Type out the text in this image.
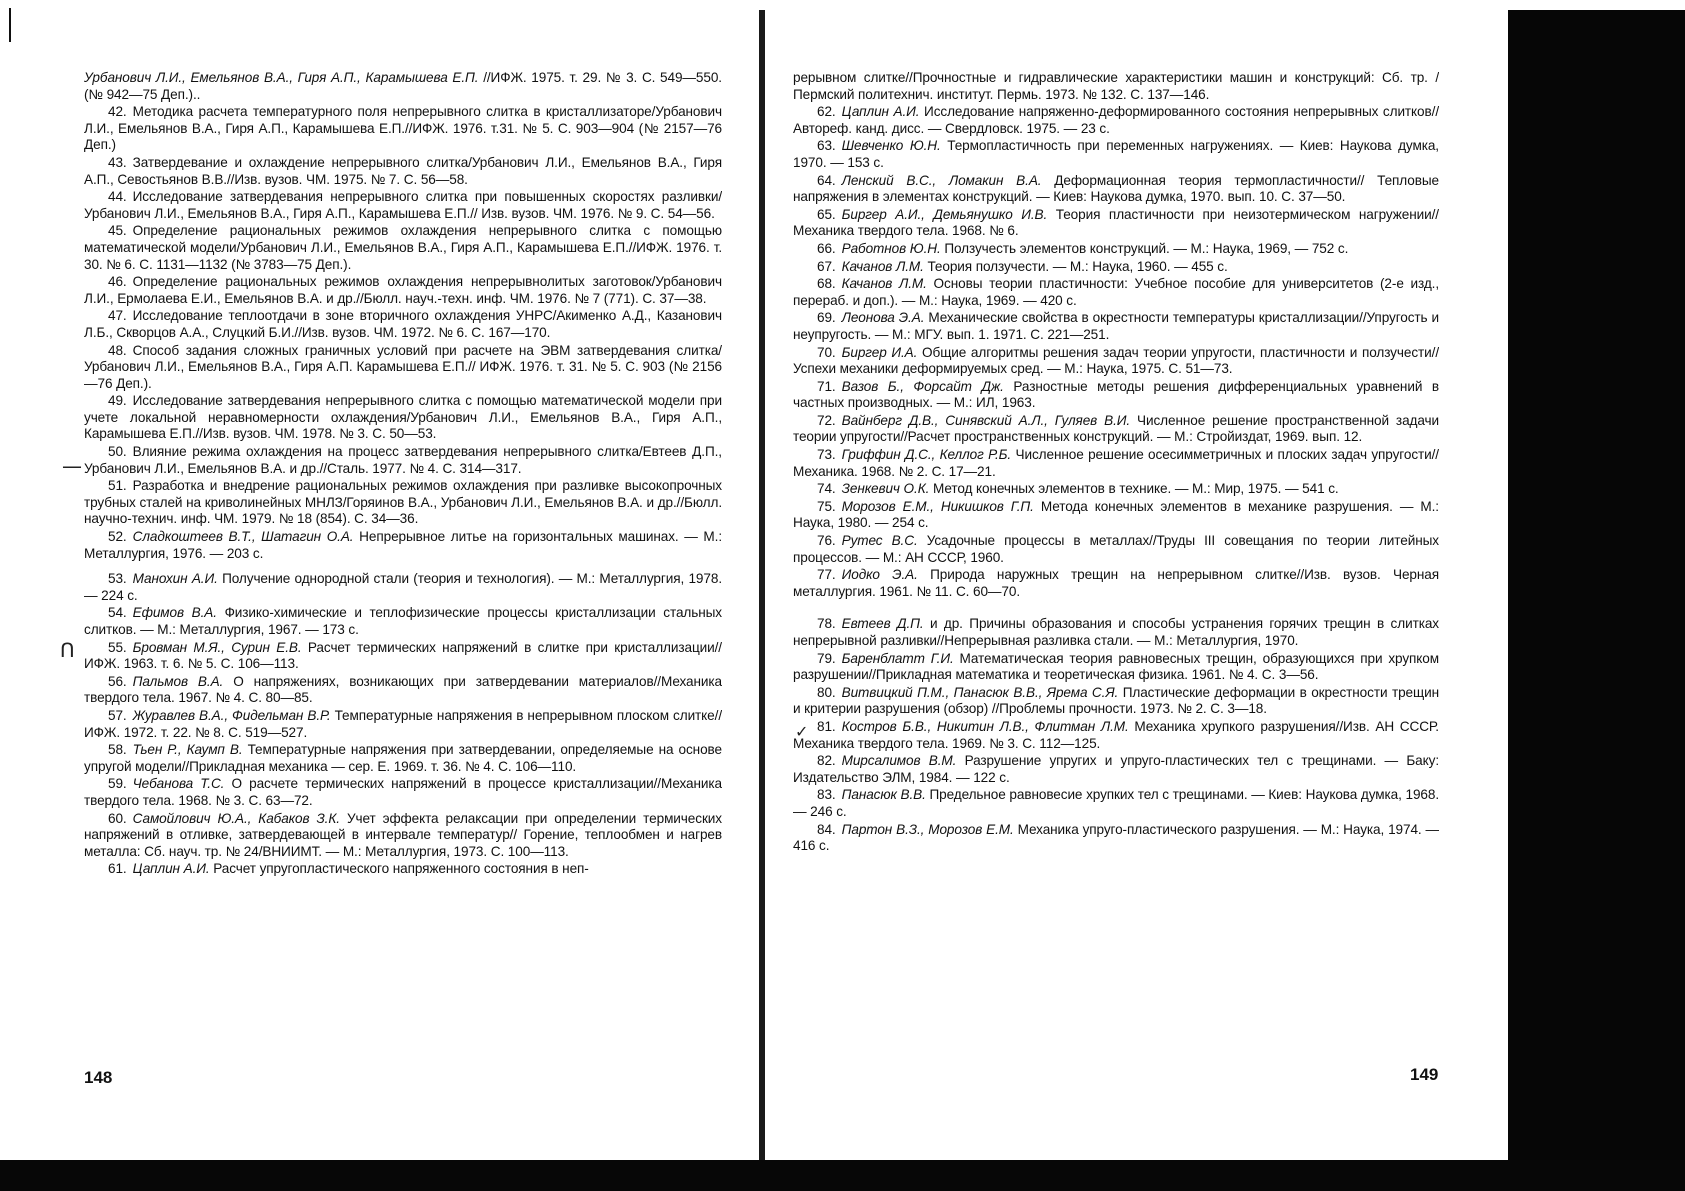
Урбанович Л.И., Емельянов В.А., Гиря А.П., Карамышева Е.П. //ИФЖ. 1975. т. 29. № 3. С. 549—550. (№ 942—75 Деп.)..

42. Методика расчета температурного поля непрерывного слитка в кристаллизаторе/Урбанович Л.И., Емельянов В.А., Гиря А.П., Карамышева Е.П.//ИФЖ. 1976. т.31. № 5. С. 903—904 (№ 2157—76 Деп.)

43. Затвердевание и охлаждение непрерывного слитка/Урбанович Л.И., Емельянов В.А., Гиря А.П., Севостьянов В.В.//Изв. вузов. ЧМ. 1975. № 7. С. 56—58.

44. Исследование затвердевания непрерывного слитка при повышенных скоростях разливки/Урбанович Л.И., Емельянов В.А., Гиря А.П., Карамышева Е.П.// Изв. вузов. ЧМ. 1976. № 9. С. 54—56.

45. Определение рациональных режимов охлаждения непрерывного слитка с помощью математической модели/Урбанович Л.И., Емельянов В.А., Гиря А.П., Карамышева Е.П.//ИФЖ. 1976. т. 30. № 6. С. 1131—1132 (№ 3783—75 Деп.).

46. Определение рациональных режимов охлаждения непрерывнолитых заготовок/Урбанович Л.И., Ермолаева Е.И., Емельянов В.А. и др.//Бюлл. науч.-техн. инф. ЧМ. 1976. № 7 (771). С. 37—38.

47. Исследование теплоотдачи в зоне вторичного охлаждения УНРС/Акименко А.Д., Казанович Л.Б., Скворцов А.А., Слуцкий Б.И.//Изв. вузов. ЧМ. 1972. № 6. С. 167—170.

48. Способ задания сложных граничных условий при расчете на ЭВМ затвердевания слитка/Урбанович Л.И., Емельянов В.А., Гиря А.П. Карамышева Е.П.// ИФЖ. 1976. т. 31. № 5. С. 903 (№ 2156—76 Деп.).

49. Исследование затвердевания непрерывного слитка с помощью математической модели при учете локальной неравномерности охлаждения/Урбанович Л.И., Емельянов В.А., Гиря А.П., Карамышева Е.П.//Изв. вузов. ЧМ. 1978. № 3. С. 50—53.

50. Влияние режима охлаждения на процесс затвердевания непрерывного слитка/Евтеев Д.П., Урбанович Л.И., Емельянов В.А. и др.//Сталь. 1977. № 4. С. 314—317.

51. Разработка и внедрение рациональных режимов охлаждения при разливке высокопрочных трубных сталей на криволинейных МНЛЗ/Горяинов В.А., Урбанович Л.И., Емельянов В.А. и др.//Бюлл. научно-технич. инф. ЧМ. 1979. № 18 (854). С. 34—36.

52. Сладкоштеев В.Т., Шатагин О.А. Непрерывное литье на горизонтальных машинах. — М.: Металлургия, 1976. — 203 с.

53. Манохин А.И. Получение однородной стали (теория и технология). — М.: Металлургия, 1978. — 224 с.

54. Ефимов В.А. Физико-химические и теплофизические процессы кристаллизации стальных слитков. — М.: Металлургия, 1967. — 173 с.

55. Бровман М.Я., Сурин Е.В. Расчет термических напряжений в слитке при кристаллизации//ИФЖ. 1963. т. 6. № 5. С. 106—113.

56. Пальмов В.А. О напряжениях, возникающих при затвердевании материалов//Механика твердого тела. 1967. № 4. С. 80—85.

57. Журавлев В.А., Фидельман В.Р. Температурные напряжения в непрерывном плоском слитке//ИФЖ. 1972. т. 22. № 8. С. 519—527.

58. Тьен Р., Каумп В. Температурные напряжения при затвердевании, определяемые на основе упругой модели//Прикладная механика — сер. Е. 1969. т. 36. № 4. С. 106—110.

59. Чебанова Т.С. О расчете термических напряжений в процессе кристаллизации//Механика твердого тела. 1968. № 3. С. 63—72.

60. Самойлович Ю.А., Кабаков З.К. Учет эффекта релаксации при определении термических напряжений в отливке, затвердевающей в интервале температур// Горение, теплообмен и нагрев металла: Сб. науч. тр. № 24/ВНИИМТ. — М.: Металлургия, 1973. С. 100—113.

61. Цаплин А.И. Расчет упругопластического напряженного состояния в неп-

рерывном слитке//Прочностные и гидравлические характеристики машин и конструкций: Сб. тр. /Пермский политехнич. институт. Пермь. 1973. № 132. С. 137—146.

62. Цаплин А.И. Исследование напряженно-деформированного состояния непрерывных слитков//Автореф. канд. дисс. — Свердловск. 1975. — 23 с.

63. Шевченко Ю.Н. Термопластичность при переменных нагружениях. — Киев: Наукова думка, 1970. — 153 с.

64. Ленский В.С., Ломакин В.А. Деформационная теория термопластичности// Тепловые напряжения в элементах конструкций. — Киев: Наукова думка, 1970. вып. 10. С. 37—50.

65. Биргер А.И., Демьянушко И.В. Теория пластичности при неизотермическом нагружении//Механика твердого тела. 1968. № 6.

66. Работнов Ю.Н. Ползучесть элементов конструкций. — М.: Наука, 1969, — 752 с.

67. Качанов Л.М. Теория ползучести. — М.: Наука, 1960. — 455 с.

68. Качанов Л.М. Основы теории пластичности: Учебное пособие для университетов (2-е изд., перераб. и доп.). — М.: Наука, 1969. — 420 с.

69. Леонова Э.А. Механические свойства в окрестности температуры кристаллизации//Упругость и неупругость. — М.: МГУ. вып. 1. 1971. С. 221—251.

70. Биргер И.А. Общие алгоритмы решения задач теории упругости, пластичности и ползучести//Успехи механики деформируемых сред. — М.: Наука, 1975. С. 51—73.

71. Вазов Б., Форсайт Дж. Разностные методы решения дифференциальных уравнений в частных производных. — М.: ИЛ, 1963.

72. Вайнберг Д.В., Синявский А.Л., Гуляев В.И. Численное решение пространственной задачи теории упругости//Расчет пространственных конструкций. — М.: Стройиздат, 1969. вып. 12.

73. Гриффин Д.С., Келлог Р.Б. Численное решение осесимметричных и плоских задач упругости//Механика. 1968. № 2. С. 17—21.

74. Зенкевич О.К. Метод конечных элементов в технике. — М.: Мир, 1975. — 541 с.

75. Морозов Е.М., Никишков Г.П. Метода конечных элементов в механике разрушения. — М.: Наука, 1980. — 254 с.

76. Рутес В.С. Усадочные процессы в металлах//Труды III совещания по теории литейных процессов. — М.: АН СССР, 1960.

77. Иодко Э.А. Природа наружных трещин на непрерывном слитке//Изв. вузов. Черная металлургия. 1961. № 11. С. 60—70.

78. Евтеев Д.П. и др. Причины образования и способы устранения горячих трещин в слитках непрерывной разливки//Непрерывная разливка стали. — М.: Металлургия, 1970.

79. Баренблатт Г.И. Математическая теория равновесных трещин, образующихся при хрупком разрушении//Прикладная математика и теоретическая физика. 1961. № 4. С. 3—56.

80. Витвицкий П.М., Панасюк В.В., Ярема С.Я. Пластические деформации в окрестности трещин и критерии разрушения (обзор) //Проблемы прочности. 1973. № 2. С. 3—18.

81. Костров Б.В., Никитин Л.В., Флитман Л.М. Механика хрупкого разрушения//Изв. АН СССР. Механика твердого тела. 1969. № 3. С. 112—125.

82. Мирсалимов В.М. Разрушение упругих и упруго-пластических тел с трещинами. — Баку: Издательство ЭЛМ, 1984. — 122 с.

83. Панасюк В.В. Предельное равновесие хрупких тел с трещинами. — Киев: Наукова думка, 1968. — 246 с.

84. Партон В.З., Морозов Е.М. Механика упруго-пластического разрушения. — М.: Наука, 1974. — 416 с.

148	149
—
ᑎ
✓
